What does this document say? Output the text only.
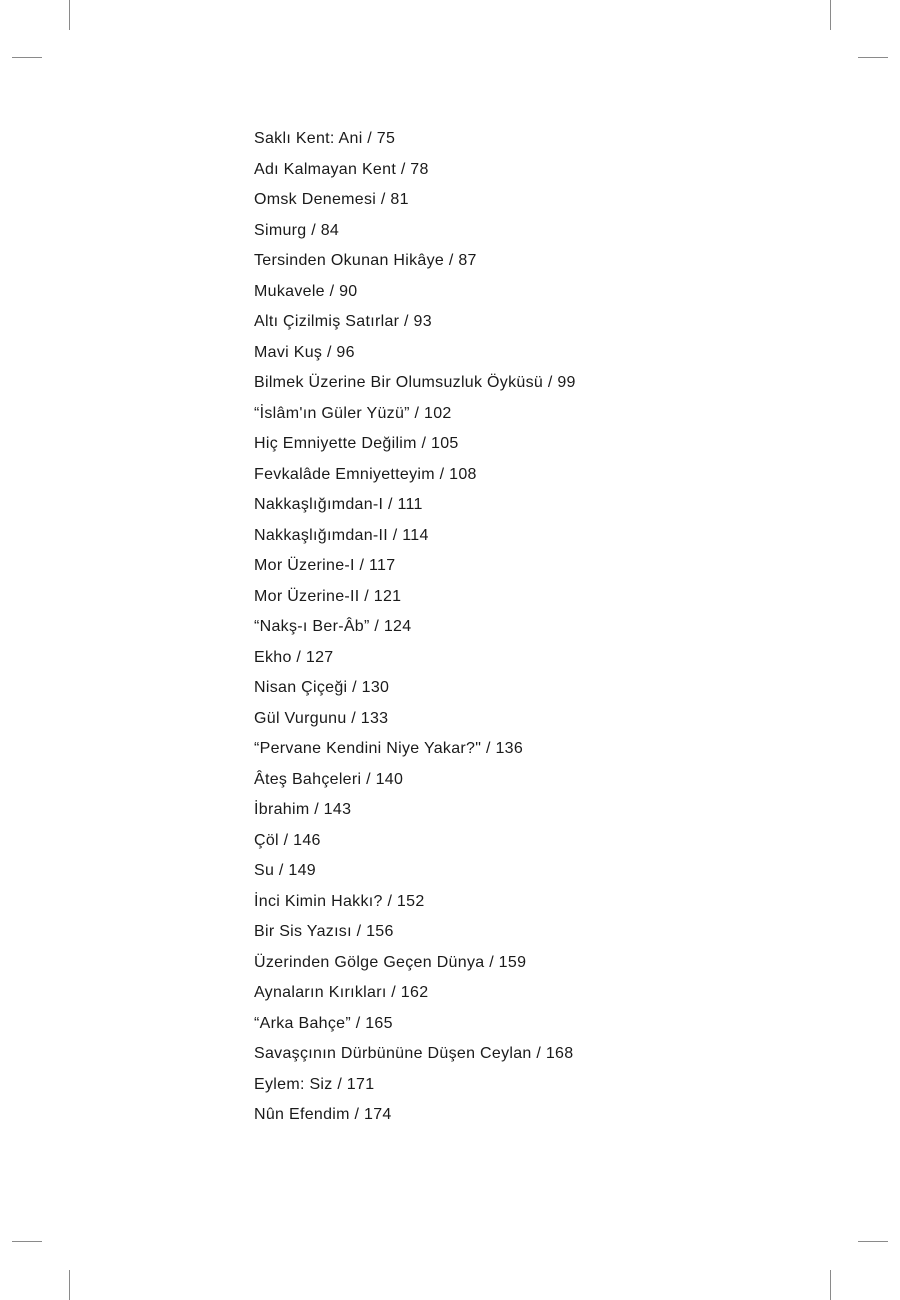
Saklı Kent: Ani / 75
Adı Kalmayan Kent / 78
Omsk Denemesi / 81
Simurg / 84
Tersinden Okunan Hikâye / 87
Mukavele / 90
Altı Çizilmiş Satırlar / 93
Mavi Kuş / 96
Bilmek Üzerine Bir Olumsuzluk Öyküsü / 99
“İslâm'ın Güler Yüzü” / 102
Hiç Emniyette Değilim / 105
Fevkalâde Emniyetteyim / 108
Nakkaşlığımdan-I / 111
Nakkaşlığımdan-II / 114
Mor Üzerine-I / 117
Mor Üzerine-II / 121
“Nakş-ı Ber-Âb” / 124
Ekho / 127
Nisan Çiçeği / 130
Gül Vurgunu / 133
“Pervane Kendini Niye Yakar?" / 136
Âteş Bahçeleri / 140
İbrahim / 143
Çöl / 146
Su / 149
İnci Kimin Hakkı? / 152
Bir Sis Yazısı / 156
Üzerinden Gölge Geçen Dünya / 159
Aynaların Kırıkları / 162
“Arka Bahçe” / 165
Savaşçının Dürbününe Düşen Ceylan / 168
Eylem: Siz / 171
Nûn Efendim / 174
